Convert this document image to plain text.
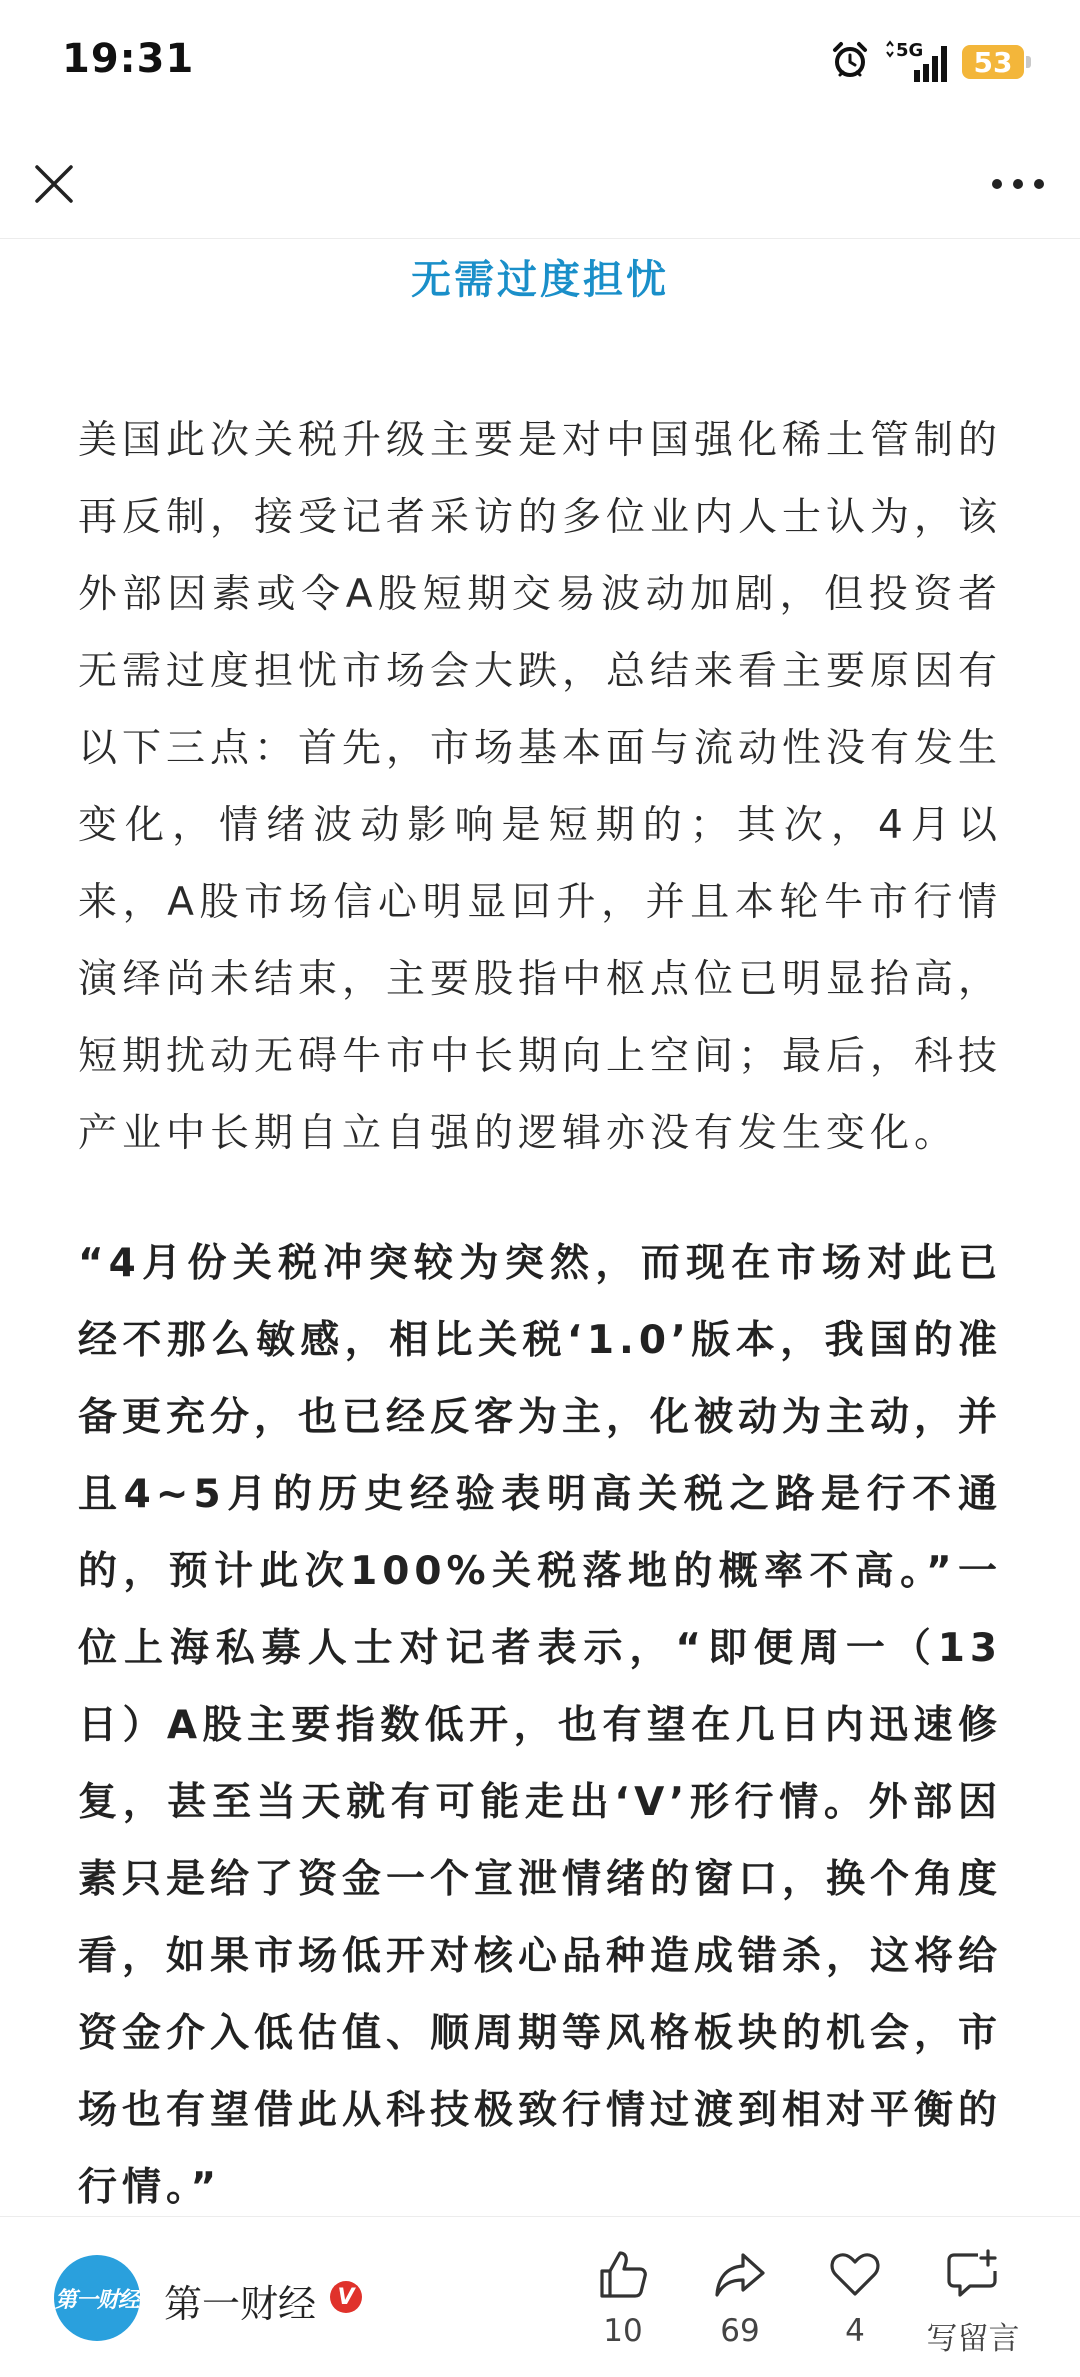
19:31	5G 53
无需过度担忧

美国此次关税升级主要是对中国强化稀土管制的再反制，接受记者采访的多位业内人士认为，该外部因素或令A股短期交易波动加剧，但投资者无需过度担忧市场会大跌，总结来看主要原因有以下三点：首先，市场基本面与流动性没有发生变化，情绪波动影响是短期的；其次，4月以来，A股市场信心明显回升，并且本轮牛市行情演绎尚未结束，主要股指中枢点位已明显抬高，短期扰动无碍牛市中长期向上空间；最后，科技产业中长期自立自强的逻辑亦没有发生变化。

“4月份关税冲突较为突然，而现在市场对此已经不那么敏感，相比关税‘1.0’版本，我国的准备更充分，也已经反客为主，化被动为主动，并且4~5月的历史经验表明高关税之路是行不通的，预计此次100%关税落地的概率不高。”一位上海私募人士对记者表示，“即便周一（13日）A股主要指数低开，也有望在几日内迅速修复，甚至当天就有可能走出‘V’形行情。外部因素只是给了资金一个宣泄情绪的窗口，换个角度看，如果市场低开对核心品种造成错杀，这将给资金介入低估值、顺周期等风格板块的机会，市场也有望借此从科技极致行情过渡到相对平衡的行情。”

第一财经 第一财经 V
10	69	4 写留言
